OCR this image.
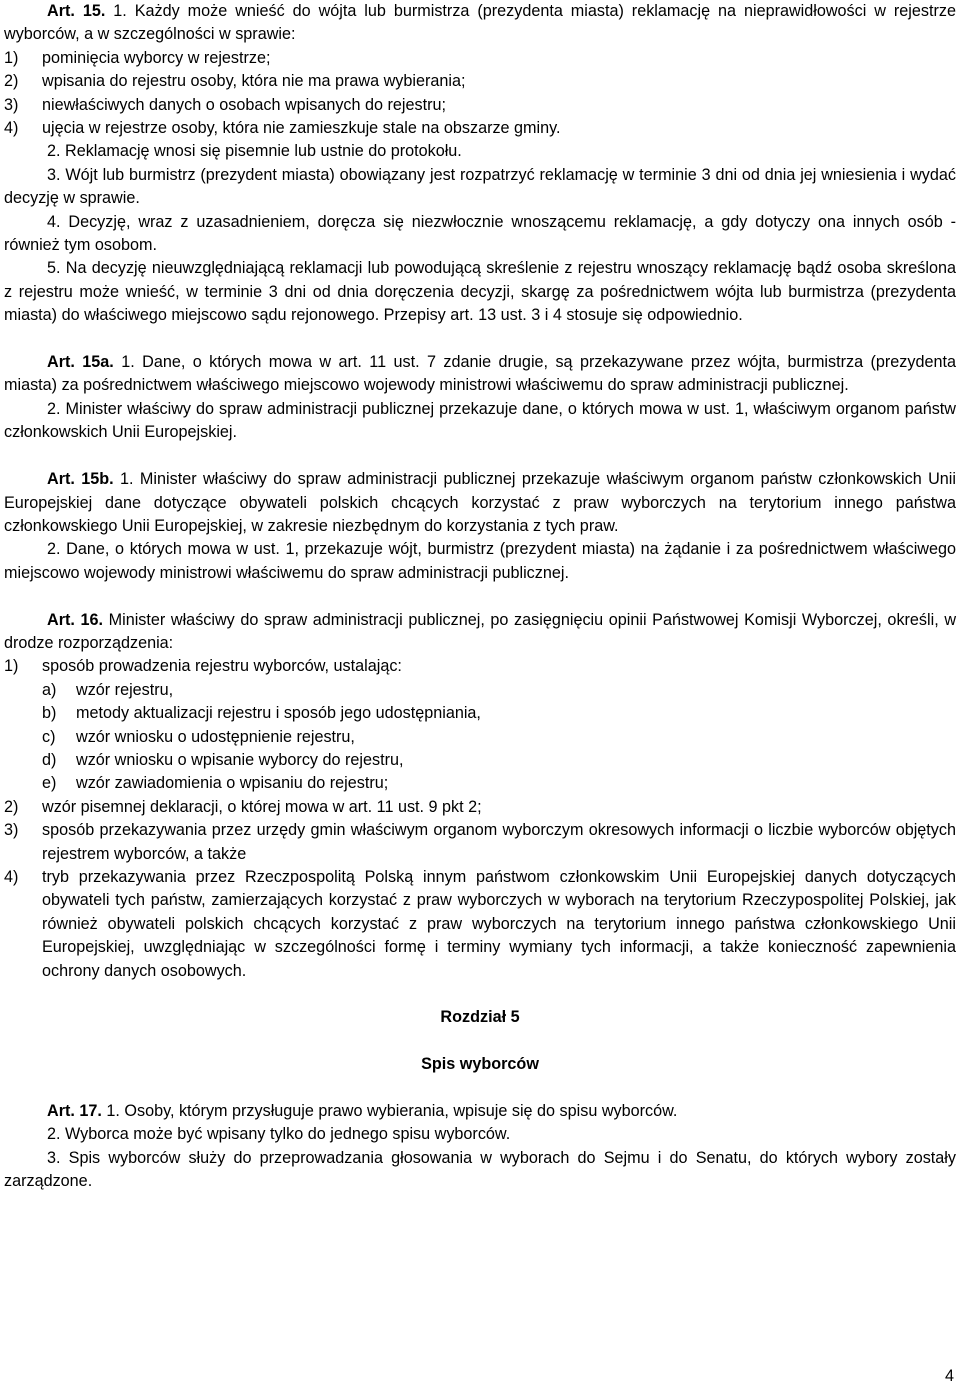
Art. 15. 1. Każdy może wnieść do wójta lub burmistrza (prezydenta miasta) reklamację na nieprawidłowości w rejestrze wyborców, a w szczególności w sprawie:

1)	pominięcia wyborcy w rejestrze;
2)	wpisania do rejestru osoby, która nie ma prawa wybierania;
3)	niewłaściwych danych o osobach wpisanych do rejestru;
4)	ujęcia w rejestrze osoby, która nie zamieszkuje stale na obszarze gminy.

2. Reklamację wnosi się pisemnie lub ustnie do protokołu.

3. Wójt lub burmistrz (prezydent miasta) obowiązany jest rozpatrzyć reklamację w terminie 3 dni od dnia jej wniesienia i wydać decyzję w sprawie.

4. Decyzję, wraz z uzasadnieniem, doręcza się niezwłocznie wnoszącemu reklamację, a gdy dotyczy ona innych osób - również tym osobom.

5. Na decyzję nieuwzględniającą reklamacji lub powodującą skreślenie z rejestru wnoszący reklamację bądź osoba skreślona z rejestru może wnieść, w terminie 3 dni od dnia doręczenia decyzji, skargę za pośrednictwem wójta lub burmistrza (prezydenta miasta) do właściwego miejscowo sądu rejonowego. Przepisy art. 13 ust. 3 i 4 stosuje się odpowiednio.

Art. 15a. 1. Dane, o których mowa w art. 11 ust. 7 zdanie drugie, są przekazywane przez wójta, burmistrza (prezydenta miasta) za pośrednictwem właściwego miejscowo wojewody ministrowi właściwemu do spraw administracji publicznej.

2. Minister właściwy do spraw administracji publicznej przekazuje dane, o których mowa w ust. 1, właściwym organom państw członkowskich Unii Europejskiej.

Art. 15b. 1. Minister właściwy do spraw administracji publicznej przekazuje właściwym organom państw członkowskich Unii Europejskiej dane dotyczące obywateli polskich chcących korzystać z praw wyborczych na terytorium innego państwa członkowskiego Unii Europejskiej, w zakresie niezbędnym do korzystania z tych praw.

2. Dane, o których mowa w ust. 1, przekazuje wójt, burmistrz (prezydent miasta) na żądanie i za pośrednictwem właściwego miejscowo wojewody ministrowi właściwemu do spraw administracji publicznej.

Art. 16. Minister właściwy do spraw administracji publicznej, po zasięgnięciu opinii Państwowej Komisji Wyborczej, określi, w drodze rozporządzenia:

1)	sposób prowadzenia rejestru wyborców, ustalając:
a)	wzór rejestru,
b)	metody aktualizacji rejestru i sposób jego udostępniania,
c)	wzór wniosku o udostępnienie rejestru,
d)	wzór wniosku o wpisanie wyborcy do rejestru,
e)	wzór zawiadomienia o wpisaniu do rejestru;
2)	wzór pisemnej deklaracji, o której mowa w art. 11 ust. 9 pkt 2;
3)	sposób przekazywania przez urzędy gmin właściwym organom wyborczym okresowych informacji o liczbie wyborców objętych rejestrem wyborców, a także
4)	tryb przekazywania przez Rzeczpospolitą Polską innym państwom członkowskim Unii Europejskiej danych dotyczących obywateli tych państw, zamierzających korzystać z praw wyborczych w wyborach na terytorium Rzeczypospolitej Polskiej, jak również obywateli polskich chcących korzystać z praw wyborczych na terytorium innego państwa członkowskiego Unii Europejskiej, uwzględniając w szczególności formę i terminy wymiany tych informacji, a także konieczność zapewnienia ochrony danych osobowych.

Rozdział 5

Spis wyborców

Art. 17. 1. Osoby, którym przysługuje prawo wybierania, wpisuje się do spisu wyborców.

2. Wyborca może być wpisany tylko do jednego spisu wyborców.

3. Spis wyborców służy do przeprowadzania głosowania w wyborach do Sejmu i do Senatu, do których wybory zostały zarządzone.

4
